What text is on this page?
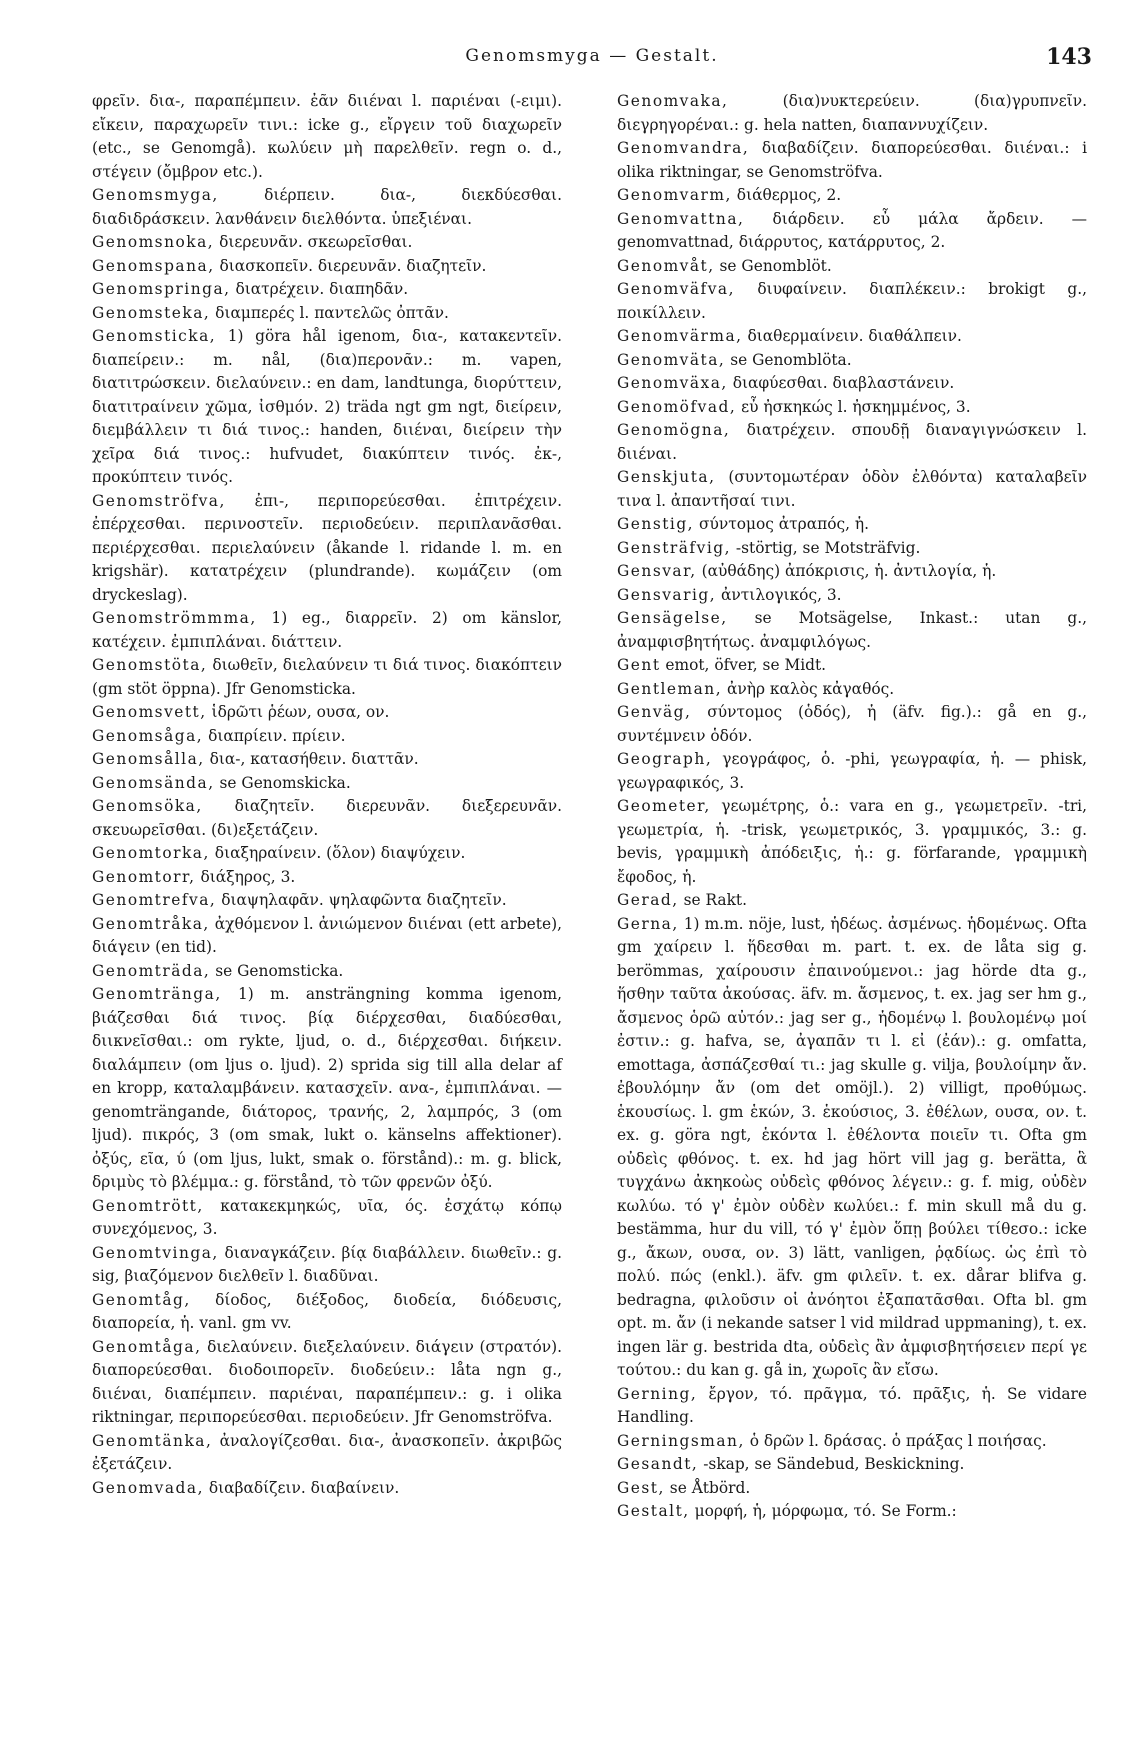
Genomsmyga — Gestalt.	143

φρεῖν. δια-, παραπέμπειν. ἐᾶν διιέναι l. παριέναι (-ειμι). εἴκειν, παραχωρεῖν τινι.: icke g., εἴργειν τοῦ διαχωρεῖν (etc., se Genomgå). κωλύειν μὴ παρελθεῖν. regn o. d., στέγειν (ὄμβρον etc.).

Genomsmyga,	διέρπειν. δια-, διεκδύεσθαι. διαδιδράσκειν. λανθάνειν διελθόντα. ὑπεξιέναι.

Genomsnoka, διερευνᾶν. σκεωρεῖσθαι.

Genomspana, διασκοπεῖν. διερευνᾶν. διαζητεῖν.

Genomspringa, διατρέχειν. διαπηδᾶν.

Genomsteka, διαμπερές l. παντελῶς ὀπτᾶν.

Genomsticka, 1) göra hål igenom, δια-, κατακεντεῖν. διαπείρειν.: m. nål, (δια)περονᾶν.: m. vapen, διατιτρώσκειν. διελαύνειν.: en dam, landtunga, διορύττειν, διατιτραίνειν χῶμα, ἰσθμόν. 2) träda ngt gm ngt, διείρειν, διεμβάλλειν τι διά τινος.: handen, διιέναι, διείρειν τὴν χεῖρα διά τινος.: hufvudet, διακύπτειν τινός. ἐκ-, προκύπτειν τινός.

Genomströfva, ἐπι-, περιπορεύεσθαι. ἐπιτρέχειν. ἐπέρχεσθαι. περινοστεῖν. περιοδεύειν. περιπλανᾶσθαι. περιέρχεσθαι. περιελαύνειν (åkande l. ridande l. m. en krigshär). κατατρέχειν (plundrande). κωμάζειν (om dryckeslag).

Genomströmmma, 1) eg., διαρρεῖν. 2) om känslor, κατέχειν. ἐμπιπλάναι. διάττειν.

Genomstöta, διωθεῖν, διελαύνειν τι διά τινος. διακόπτειν (gm stöt öppna). Jfr Genomsticka.

Genomsvett, ἱδρῶτι ῥέων, ουσα, ον.

Genomsåga, διαπρίειν. πρίειν.

Genomsålla, δια-, κατασήθειν. διαττᾶν.

Genomsända, se Genomskicka.

Genomsöka, διαζητεῖν. διερευνᾶν. διεξερευνᾶν. σκευωρεῖσθαι. (δι)εξετάζειν.

Genomtorka, διαξηραίνειν. (ὅλον) διαψύχειν.

Genomtorr, διάξηρος, 3.

Genomtrefva, διαψηλαφᾶν. ψηλαφῶντα διαζητεῖν.

Genomtråka, ἀχθόμενον l. ἀνιώμενον διιέναι (ett arbete), διάγειν (en tid).

Genomträda, se Genomsticka.

Genomtränga, 1) m. ansträngning komma igenom, βιάζεσθαι διά τινος. βίᾳ διέρχεσθαι, διαδύεσθαι, διικνεῖσθαι.: om rykte, ljud, o. d., διέρχεσθαι. διήκειν. διαλάμπειν (om ljus o. ljud). 2) sprida sig till alla delar af en kropp, καταλαμβάνειν. κατασχεῖν. ανα-, ἐμπιπλάναι. — genomträngande, διάτορος, τρανής, 2, λαμπρός, 3 (om ljud). πικρός, 3 (om smak, lukt o. känselns affektioner). ὀξύς, εῖα, ύ (om ljus, lukt, smak o. förstånd).: m. g. blick, δριμὺς τὸ βλέμμα.: g. förstånd, τὸ τῶν φρενῶν ὀξύ.

Genomtrött, κατακεκμηκώς, υῖα, ός. ἐσχάτῳ κόπῳ συνεχόμενος, 3.

Genomtvinga, διαναγκάζειν. βίᾳ διαβάλλειν. διωθεῖν.: g. sig, βιαζόμενον διελθεῖν l. διαδῦναι.

Genomtåg, δίοδος, διέξοδος, διοδεία, διόδευσις, διαπορεία, ἡ. vanl. gm vv.

Genomtåga, διελαύνειν. διεξελαύνειν. διάγειν (στρατόν). διαπορεύεσθαι. διοδοιπορεῖν. διοδεύειν.: låta ngn g., διιέναι, διαπέμπειν. παριέναι, παραπέμπειν.: g. i olika riktningar, περιπορεύεσθαι. περιοδεύειν. Jfr Genomströfva.

Genomtänka, ἀναλογίζεσθαι. δια-, ἀνασκοπεῖν. ἀκριβῶς ἐξετάζειν.

Genomvada, διαβαδίζειν. διαβαίνειν.

Genomvaka,	(δια)νυκτερεύειν. (δια)γρυπνεῖν. διεγρηγορέναι.: g. hela natten, διαπαννυχίζειν.

Genomvandra, διαβαδίζειν. διαπορεύεσθαι. διιέναι.: i olika riktningar, se Genomströfva.

Genomvarm, διάθερμος, 2.

Genomvattna, διάρδειν. εὖ μάλα ἄρδειν. — genomvattnad, διάρρυτος, κατάρρυτος, 2.

Genomvåt, se Genomblöt.

Genomväfva, διυφαίνειν. διαπλέκειν.: brokigt g., ποικίλλειν.

Genomvärma, διαθερμαίνειν. διαθάλπειν.

Genomväta, se Genomblöta.

Genomväxa, διαφύεσθαι. διαβλαστάνειν.

Genomöfvad, εὖ ἠσκηκώς l. ἠσκημμένος, 3.

Genomögna, διατρέχειν. σπουδῇ διαναγιγνώσκειν l. διιέναι.

Genskjuta, (συντομωτέραν ὁδὸν ἐλθόντα) καταλαβεῖν τινα l. ἀπαντῆσαί τινι.

Genstig, σύντομος ἀτραπός, ἡ.

Gensträfvig, -störtig, se Motsträfvig.

Gensvar, (αὐθάδης) ἀπόκρισις, ἡ. ἀντιλογία, ἡ.

Gensvarig, ἀντιλογικός, 3.

Gensägelse, se Motsägelse, Inkast.: utan g., ἀναμφισβητήτως. ἀναμφιλόγως.

Gent emot, öfver, se Midt.

Gentleman, ἀνὴρ καλὸς κἀγαθός.

Genväg, σύντομος (ὁδός), ἡ (äfv. fig.).: gå en g., συντέμνειν ὁδόν.

Geograph, γεογράφος, ὁ. -phi, γεωγραφία, ἡ. — phisk, γεωγραφικός, 3.

Geometer, γεωμέτρης, ὁ.: vara en g., γεωμετρεῖν. -tri, γεωμετρία, ἡ. -trisk, γεωμετρικός, 3. γραμμικός, 3.: g. bevis, γραμμικὴ ἀπόδειξις, ἡ.: g. förfarande, γραμμικὴ ἔφοδος, ἡ.

Gerad, se Rakt.

Gerna, 1) m.m. nöje, lust, ἡδέως. ἀσμένως. ἡδομένως. Ofta gm χαίρειν l. ἥδεσθαι m. part. t. ex. de låta sig g. berömmas, χαίρουσιν ἐπαινούμενοι.: jag hörde dta g., ἥσθην ταῦτα ἀκούσας. äfv. m. ἄσμενος, t. ex. jag ser hm g., ἄσμενος ὁρῶ αὐτόν.: jag ser g., ἡδομένῳ l. βουλομένῳ μοί ἐστιν.: g. hafva, se, ἀγαπᾶν τι l. εἰ (ἐάν).: g. omfatta, emottaga, ἀσπάζεσθαί τι.: jag skulle g. vilja, βουλοίμην ἄν. ἐβουλόμην ἄν (om det omöjl.). 2) villigt, προθύμως. ἑκουσίως. l. gm ἑκών, 3. ἑκούσιος, 3. ἐθέλων, ουσα, ον. t. ex. g. göra ngt, ἑκόντα l. ἐθέλοντα ποιεῖν τι. Ofta gm οὐδεὶς φθόνος. t. ex. hd jag hört vill jag g. berätta, ἃ τυγχάνω ἀκηκοὼς οὐδεὶς φθόνος λέγειν.: g. f. mig, οὐδὲν κωλύω. τό γ' ἐμὸν οὐδὲν κωλύει.: f. min skull må du g. bestämma, hur du vill, τό γ' ἐμὸν ὅπῃ βούλει τίθεσο.: icke g., ἄκων, ουσα, ον. 3) lätt, vanligen, ῥᾳδίως. ὡς ἐπὶ τὸ πολύ. πώς (enkl.). äfv. gm φιλεῖν. t. ex. dårar blifva g. bedragna, φιλοῦσιν οἱ ἀνόητοι ἐξαπατᾶσθαι. Ofta bl. gm opt. m. ἄν (i nekande satser l vid mildrad uppmaning), t. ex. ingen lär g. bestrida dta, οὐδεὶς ἂν ἀμφισβητήσειεν περί γε τούτου.: du kan g. gå in, χωροῖς ἂν εἴσω.

Gerning, ἔργον, τό. πρᾶγμα, τό. πρᾶξις, ἡ. Se vidare Handling.

Gerningsman, ὁ δρῶν l. δράσας. ὁ πράξας l ποιήσας.

Gesandt, -skap, se Sändebud, Beskickning.

Gest, se Åtbörd.

Gestalt, μορφή, ἡ, μόρφωμα, τό. Se Form.:
